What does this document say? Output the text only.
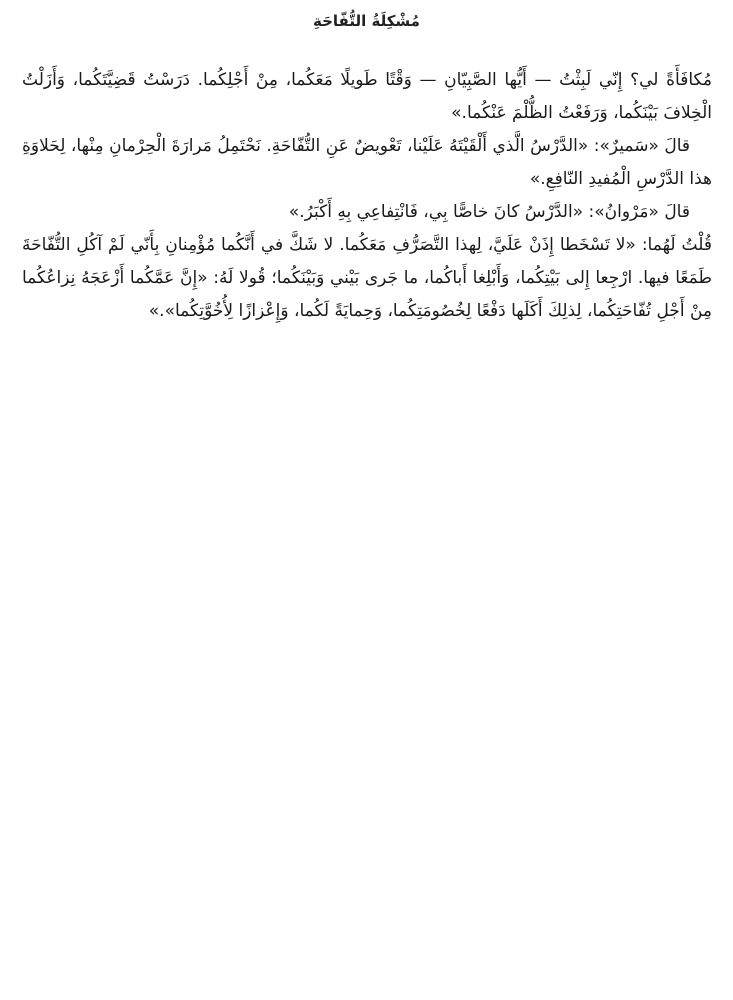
مُشْكِلَةُ التُّفّاحَةِ

مُكافَأَةً لي؟ إِنّي لَبِثْتُ — أَيُّها الصَّبِيّانِ — وَقْتًا طَويلًا مَعَكُما، مِنْ أَجْلِكُما. دَرَسْتُ قَضِيَّتَكُما، وَأَزَلْتُ الْخِلافَ بَيْنَكُما، وَرَفَعْتُ الظُّلْمَ عَنْكُما.»

قالَ «سَميرٌ»: «الدَّرْسُ الَّذي أَلْقَيْتَهُ عَلَيْنا، تَعْويضٌ عَنِ التُّفّاحَةِ. نَحْتَمِلُ مَرارَةَ الْحِرْمانِ مِنْها، لِحَلاوَةِ هذا الدَّرْسِ الْمُفيدِ النّافِعِ.»

قالَ «مَرْوانُ»: «الدَّرْسُ كانَ خاصًّا بِي، فَانْتِفاعِي بِهِ أَكْبَرُ.»

قُلْتُ لَهُما: «لا تَسْخَطا إِذَنْ عَلَيَّ، لِهذا التَّصَرُّفِ مَعَكُما. لا شَكَّ في أَنَّكُما مُؤْمِنانِ بِأَنّي لَمْ آكُلِ التُّفّاحَةَ طَمَعًا فيها. ارْجِعا إِلى بَيْتِكُما، وَأَبْلِغا أَباكُما، ما جَرى بَيْني وَبَيْنَكُما؛ قُولا لَهُ: «إِنَّ عَمَّكُما أَزْعَجَهُ نِزاعُكُما مِنْ أَجْلِ تُفّاحَتِكُما، لِذلِكَ أَكَلَها دَفْعًا لِخُصُومَتِكُما، وَحِمايَةً لَكُما، وَإِعْزازًا لِأُخُوَّتِكُما».»
